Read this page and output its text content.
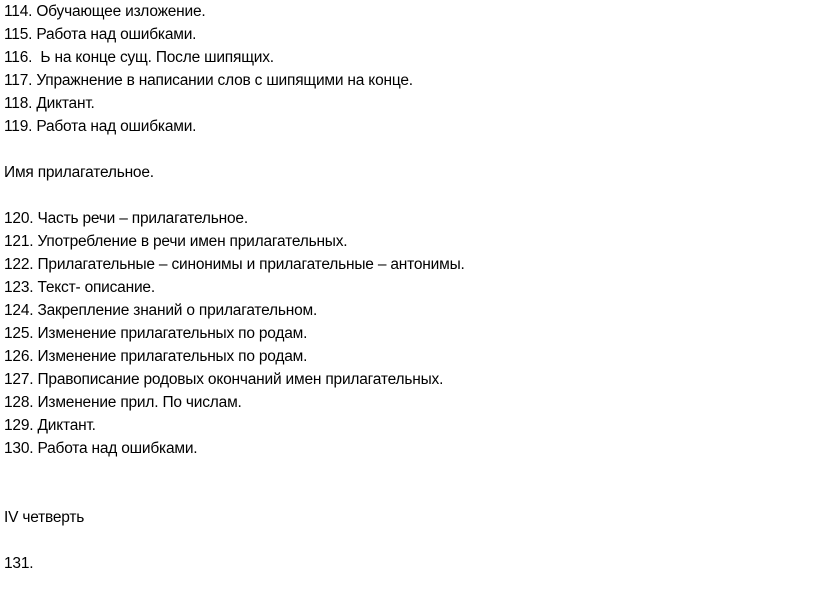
114. Обучающее изложение.
115. Работа над ошибками.
116.  Ь на конце сущ. После шипящих.
117. Упражнение в написании слов с шипящими на конце.
118. Диктант.
119. Работа над ошибками.
Имя прилагательное.
120. Часть речи – прилагательное.
121. Употребление в речи имен прилагательных.
122. Прилагательные – синонимы и прилагательные – антонимы.
123. Текст- описание.
124. Закрепление знаний о прилагательном.
125. Изменение прилагательных по родам.
126. Изменение прилагательных по родам.
127. Правописание родовых окончаний имен прилагательных.
128. Изменение прил. По числам.
129. Диктант.
130. Работа над ошибками.
IV четверть
131.
